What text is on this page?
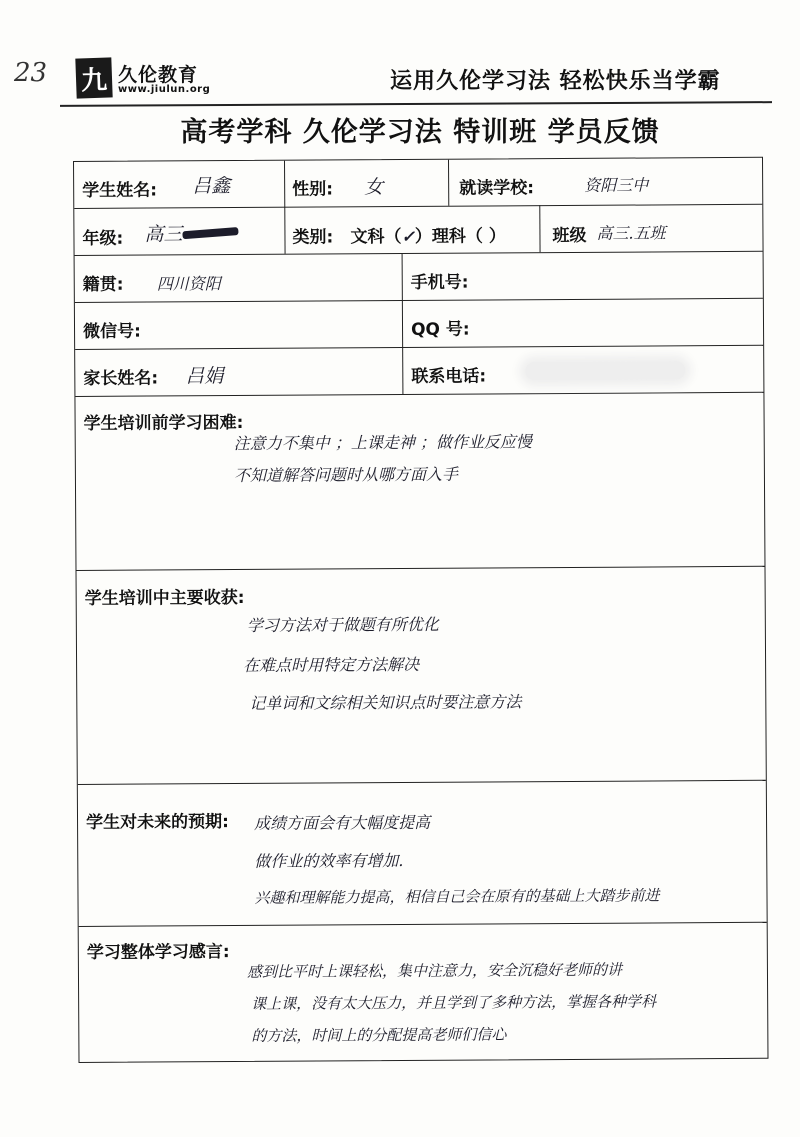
23 九 久伦教育
www.jiulun.org	运用久伦学习法 轻松快乐当学霸
高考学科 久伦学习法 特训班 学员反馈
学生姓名: 吕鑫	性别: 女	就读学校:	资阳三中
年级: 高三	类别: 文科（✓）理科（ ）	班级 高三.五班
籍贯: 四川资阳	手机号:
微信号:	QQ 号:
家长姓名: 吕娟	联系电话:
学生培训前学习困难:
注意力不集中 ；上课走神 ；做作业反应慢
不知道解答问题时从哪方面入手
学生培训中主要收获:
学习方法对于做题有所优化
在难点时用特定方法解决
记单词和文综相关知识点时要注意方法
学生对未来的预期: 成绩方面会有大幅度提高
做作业的效率有增加.
兴趣和理解能力提高，相信自己会在原有的基础上大踏步前进
学习整体学习感言:
感到比平时上课轻松，集中注意力，安全沉稳好老师的讲
课上课，没有太大压力，并且学到了多种方法，掌握各种学科
的方法，时间上的分配提高老师们信心
